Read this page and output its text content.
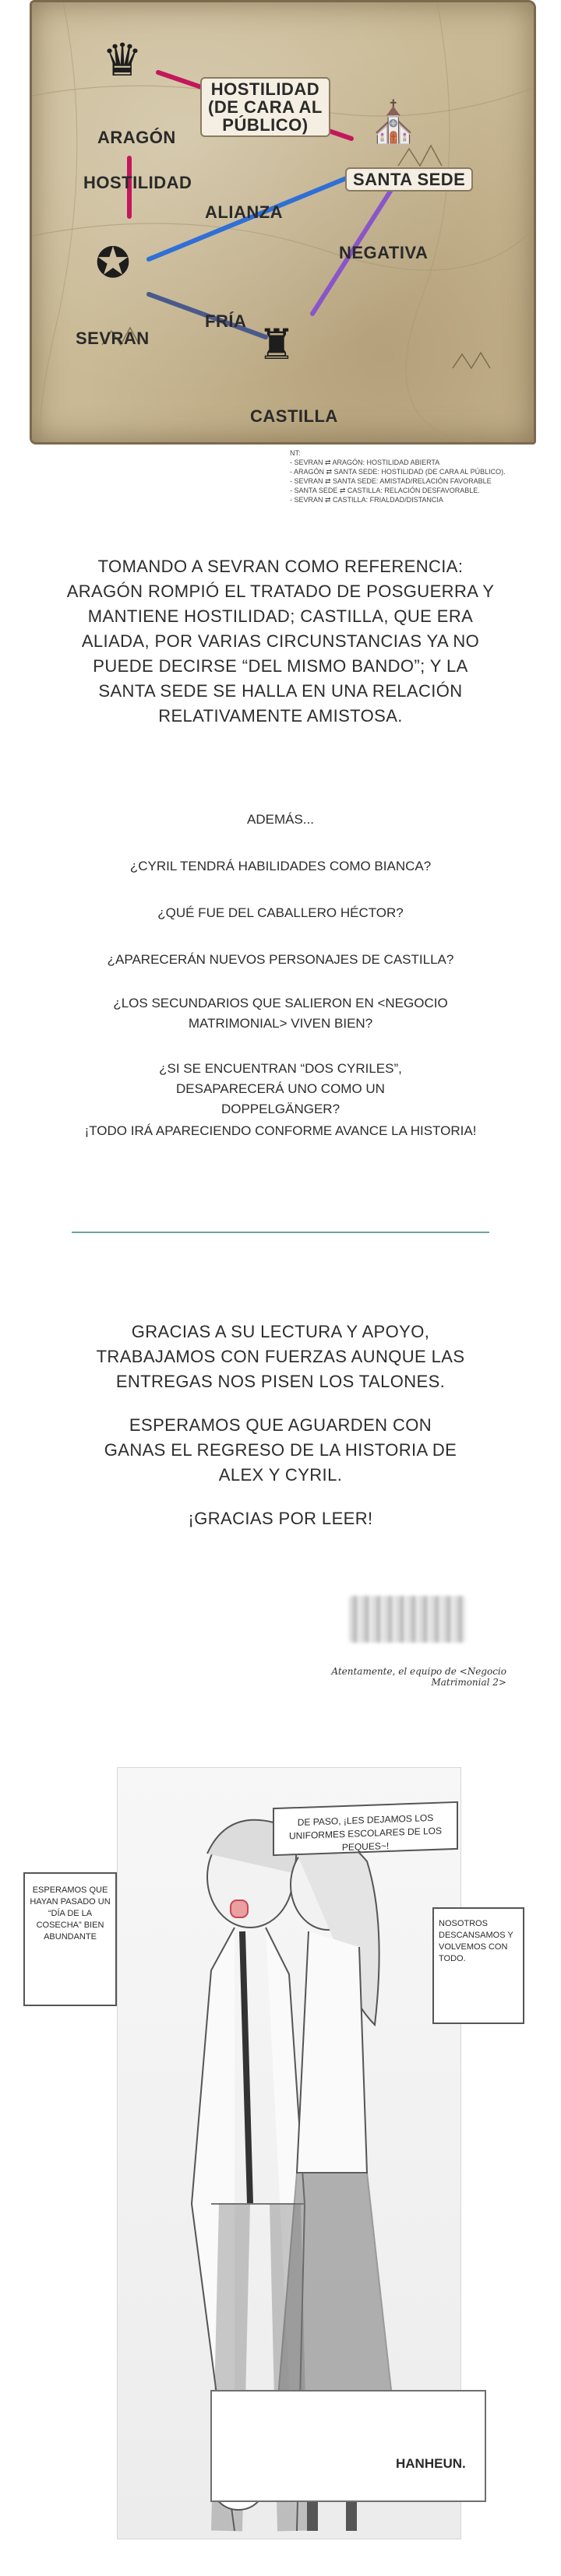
♛
⛪
✪
♜
ARAGÓN
HOSTILIDAD
(DE CARA AL
PÚBLICO)
HOSTILIDAD	SANTA SEDE
ALIANZA
NEGATIVA
FRÍA
SEVRAN
CASTILLA
NT:
- SEVRAN ⇄ ARAGÓN: HOSTILIDAD ABIERTA
- ARAGÓN ⇄ SANTA SEDE: HOSTILIDAD (DE CARA AL PÚBLICO).
- SEVRAN ⇄ SANTA SEDE: AMISTAD/RELACIÓN FAVORABLE
- SANTA SEDE ⇄ CASTILLA: RELACIÓN DESFAVORABLE.
- SEVRAN ⇄ CASTILLA: FRIALDAD/DISTANCIA

TOMANDO A SEVRAN COMO REFERENCIA: ARAGÓN ROMPIÓ EL TRATADO DE POSGUERRA Y MANTIENE HOSTILIDAD; CASTILLA, QUE ERA ALIADA, POR VARIAS CIRCUNSTANCIAS YA NO PUEDE DECIRSE “DEL MISMO BANDO”; Y LA SANTA SEDE SE HALLA EN UNA RELACIÓN RELATIVAMENTE AMISTOSA.

ADEMÁS...
¿CYRIL TENDRÁ HABILIDADES COMO BIANCA?
¿QUÉ FUE DEL CABALLERO HÉCTOR?
¿APARECERÁN NUEVOS PERSONAJES DE CASTILLA?
¿LOS SECUNDARIOS QUE SALIERON EN <NEGOCIO MATRIMONIAL> VIVEN BIEN?
¿SI SE ENCUENTRAN “DOS CYRILES”, DESAPARECERÁ UNO COMO UN DOPPELGÄNGER?
¡TODO IRÁ APARECIENDO CONFORME AVANCE LA HISTORIA!

GRACIAS A SU LECTURA Y APOYO, TRABAJAMOS CON FUERZAS AUNQUE LAS ENTREGAS NOS PISEN LOS TALONES.

ESPERAMOS QUE AGUARDEN CON GANAS EL REGRESO DE LA HISTORIA DE ALEX Y CYRIL.

¡GRACIAS POR LEER!

Atentamente, el equipo de <Negocio Matrimonial 2>
DE PASO, ¡LES DEJAMOS LOS UNIFORMES ESCOLARES DE LOS PEQUES~!
ESPERAMOS QUE HAYAN PASADO UN “DÍA DE LA COSECHA” BIEN ABUNDANTE
NOSOTROS DESCANSAMOS Y VOLVEMOS CON TODO.
HANHEUN.
